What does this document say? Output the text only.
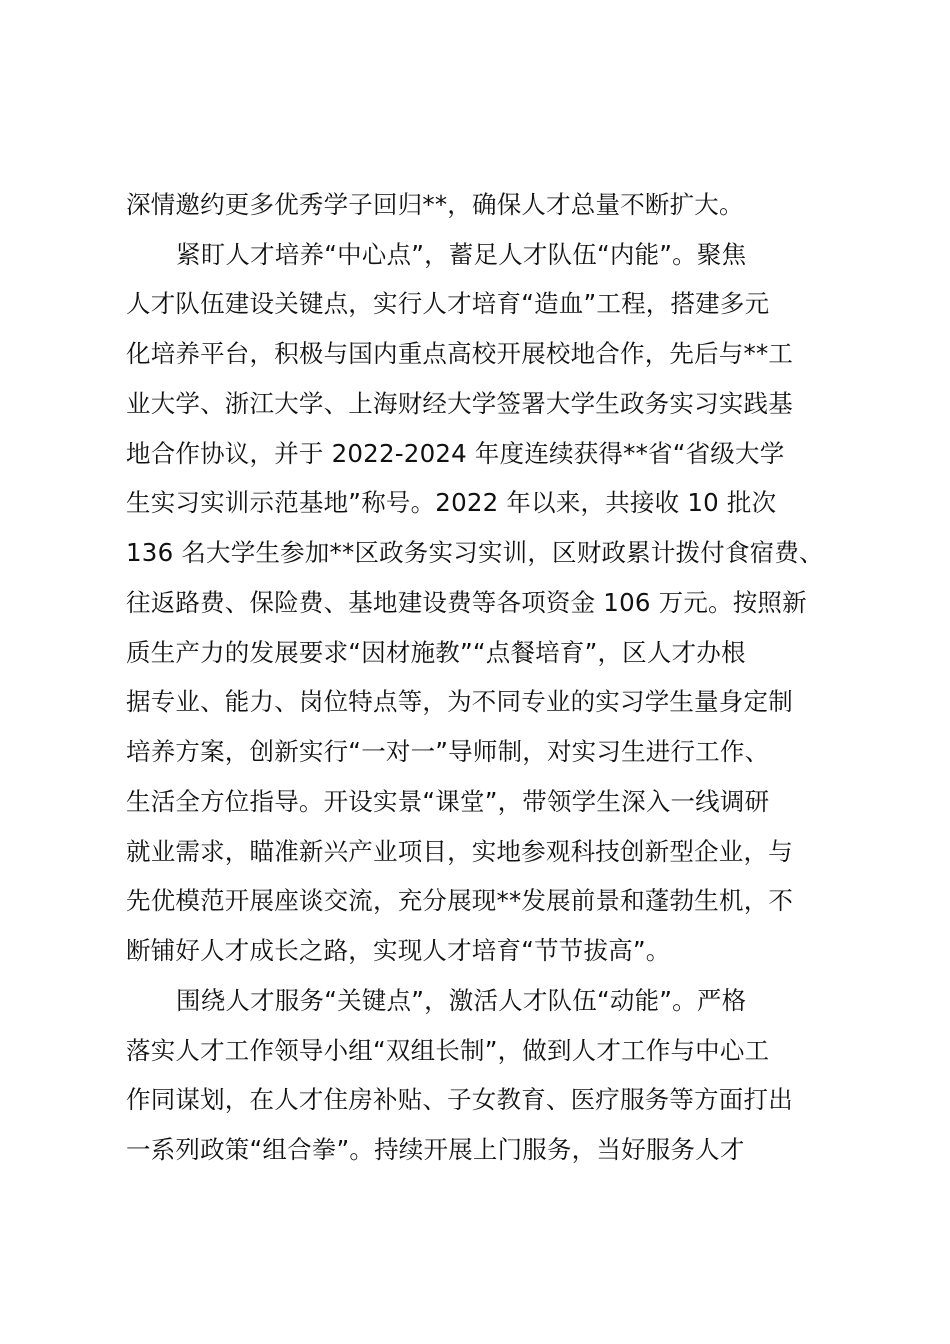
深情邀约更多优秀学子回归**，确保人才总量不断扩大。
紧盯人才培养“中心点”，蓄足人才队伍“内能”。聚焦
人才队伍建设关键点，实行人才培育“造血”工程，搭建多元
化培养平台，积极与国内重点高校开展校地合作，先后与**工
业大学、浙江大学、上海财经大学签署大学生政务实习实践基
地合作协议，并于 2022-2024 年度连续获得**省“省级大学
生实习实训示范基地”称号。2022 年以来，共接收 10 批次
136 名大学生参加**区政务实习实训，区财政累计拨付食宿费、
往返路费、保险费、基地建设费等各项资金 106 万元。按照新
质生产力的发展要求“因材施教”“点餐培育”，区人才办根
据专业、能力、岗位特点等，为不同专业的实习学生量身定制
培养方案，创新实行“一对一”导师制，对实习生进行工作、
生活全方位指导。开设实景“课堂”，带领学生深入一线调研
就业需求，瞄准新兴产业项目，实地参观科技创新型企业，与
先优模范开展座谈交流，充分展现**发展前景和蓬勃生机，不
断铺好人才成长之路，实现人才培育“节节拔高”。
围绕人才服务“关键点”，激活人才队伍“动能”。严格
落实人才工作领导小组“双组长制”，做到人才工作与中心工
作同谋划，在人才住房补贴、子女教育、医疗服务等方面打出
一系列政策“组合拳”。持续开展上门服务，当好服务人才
